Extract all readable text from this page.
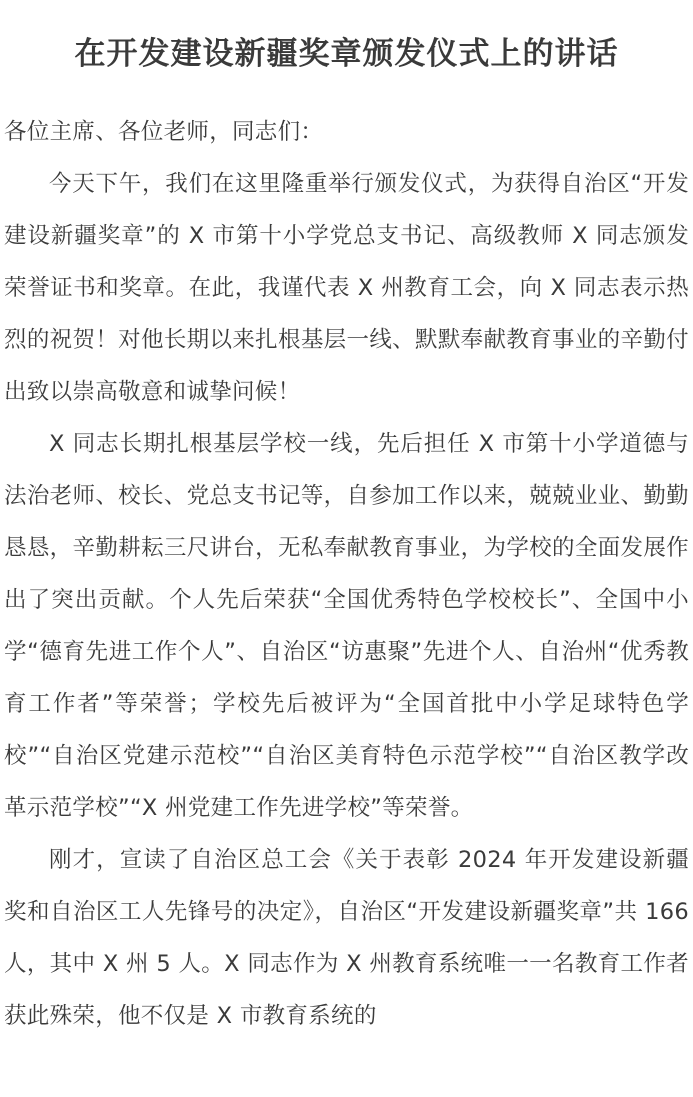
在开发建设新疆奖章颁发仪式上的讲话

各位主席、各位老师，同志们：

今天下午，我们在这里隆重举行颁发仪式，为获得自治区“开发建设新疆奖章”的 X 市第十小学党总支书记、高级教师 X 同志颁发荣誉证书和奖章。在此，我谨代表 X 州教育工会，向 X 同志表示热烈的祝贺！对他长期以来扎根基层一线、默默奉献教育事业的辛勤付出致以崇高敬意和诚挚问候！

X 同志长期扎根基层学校一线，先后担任 X 市第十小学道德与法治老师、校长、党总支书记等，自参加工作以来，兢兢业业、勤勤恳恳，辛勤耕耘三尺讲台，无私奉献教育事业，为学校的全面发展作出了突出贡献。个人先后荣获“全国优秀特色学校校长”、全国中小学“德育先进工作个人”、自治区“访惠聚”先进个人、自治州“优秀教育工作者”等荣誉；学校先后被评为“全国首批中小学足球特色学校”“自治区党建示范校”“自治区美育特色示范学校”“自治区教学改革示范学校”“X 州党建工作先进学校”等荣誉。

刚才，宣读了自治区总工会《关于表彰 2024 年开发建设新疆奖和自治区工人先锋号的决定》，自治区“开发建设新疆奖章”共 166 人，其中 X 州 5 人。X 同志作为 X 州教育系统唯一一名教育工作者获此殊荣，他不仅是 X 市教育系统的
